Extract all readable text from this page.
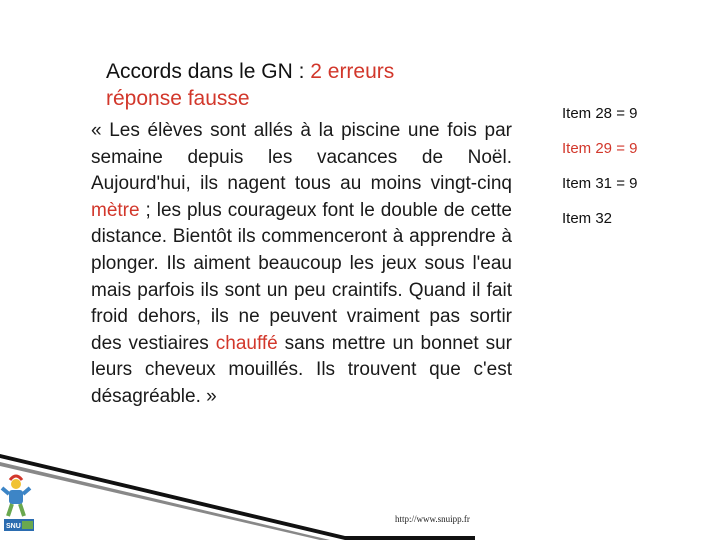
Accords dans le GN : 2 erreurs
réponse fausse
« Les élèves sont allés à la piscine une fois par semaine depuis les vacances de Noël. Aujourd'hui, ils nagent tous au moins vingt-cinq mètre ; les plus courageux font le double de cette distance. Bientôt ils commenceront à apprendre à plonger. Ils aiment beaucoup les jeux sous l'eau mais parfois ils sont un peu craintifs. Quand il fait froid dehors, ils ne peuvent vraiment pas sortir des vestiaires chauffé sans mettre un bonnet sur leurs cheveux mouillés. Ils trouvent que c'est désagréable. »
Item 28 = 9
Item 29 = 9
Item 31 = 9
Item 32
SNU
http://www.snuipp.fr
